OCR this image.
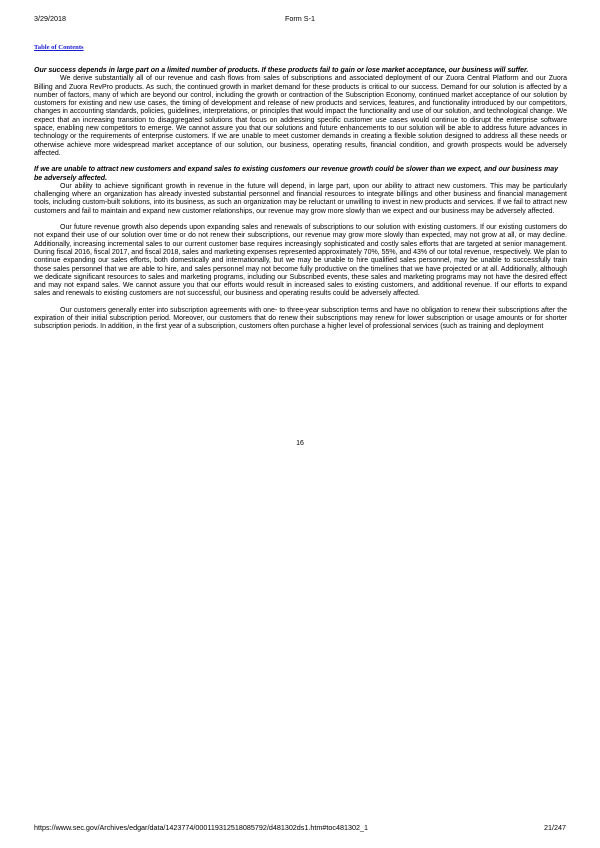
3/29/2018	Form S-1
Table of Contents

Our success depends in large part on a limited number of products. If these products fail to gain or lose market acceptance, our business will suffer.

We derive substantially all of our revenue and cash flows from sales of subscriptions and associated deployment of our Zuora Central Platform and our Zuora Billing and Zuora RevPro products. As such, the continued growth in market demand for these products is critical to our success. Demand for our solution is affected by a number of factors, many of which are beyond our control, including the growth or contraction of the Subscription Economy, continued market acceptance of our solution by customers for existing and new use cases, the timing of development and release of new products and services, features, and functionality introduced by our competitors, changes in accounting standards, policies, guidelines, interpretations, or principles that would impact the functionality and use of our solution, and technological change. We expect that an increasing transition to disaggregated solutions that focus on addressing specific customer use cases would continue to disrupt the enterprise software space, enabling new competitors to emerge. We cannot assure you that our solutions and future enhancements to our solution will be able to address future advances in technology or the requirements of enterprise customers. If we are unable to meet customer demands in creating a flexible solution designed to address all these needs or otherwise achieve more widespread market acceptance of our solution, our business, operating results, financial condition, and growth prospects would be adversely affected.

If we are unable to attract new customers and expand sales to existing customers our revenue growth could be slower than we expect, and our business may be adversely affected.

Our ability to achieve significant growth in revenue in the future will depend, in large part, upon our ability to attract new customers. This may be particularly challenging where an organization has already invested substantial personnel and financial resources to integrate billings and other business and financial management tools, including custom-built solutions, into its business, as such an organization may be reluctant or unwilling to invest in new products and services. If we fail to attract new customers and fail to maintain and expand new customer relationships, our revenue may grow more slowly than we expect and our business may be adversely affected.

Our future revenue growth also depends upon expanding sales and renewals of subscriptions to our solution with existing customers. If our existing customers do not expand their use of our solution over time or do not renew their subscriptions, our revenue may grow more slowly than expected, may not grow at all, or may decline. Additionally, increasing incremental sales to our current customer base requires increasingly sophisticated and costly sales efforts that are targeted at senior management. During fiscal 2016, fiscal 2017, and fiscal 2018, sales and marketing expenses represented approximately 70%, 55%, and 43% of our total revenue, respectively. We plan to continue expanding our sales efforts, both domestically and internationally, but we may be unable to hire qualified sales personnel, may be unable to successfully train those sales personnel that we are able to hire, and sales personnel may not become fully productive on the timelines that we have projected or at all. Additionally, although we dedicate significant resources to sales and marketing programs, including our Subscribed events, these sales and marketing programs may not have the desired effect and may not expand sales. We cannot assure you that our efforts would result in increased sales to existing customers, and additional revenue. If our efforts to expand sales and renewals to existing customers are not successful, our business and operating results could be adversely affected.

Our customers generally enter into subscription agreements with one- to three-year subscription terms and have no obligation to renew their subscriptions after the expiration of their initial subscription period. Moreover, our customers that do renew their subscriptions may renew for lower subscription or usage amounts or for shorter subscription periods. In addition, in the first year of a subscription, customers often purchase a higher level of professional services (such as training and deployment

16
https://www.sec.gov/Archives/edgar/data/1423774/000119312518085792/d481302ds1.htm#toc481302_1	21/247
